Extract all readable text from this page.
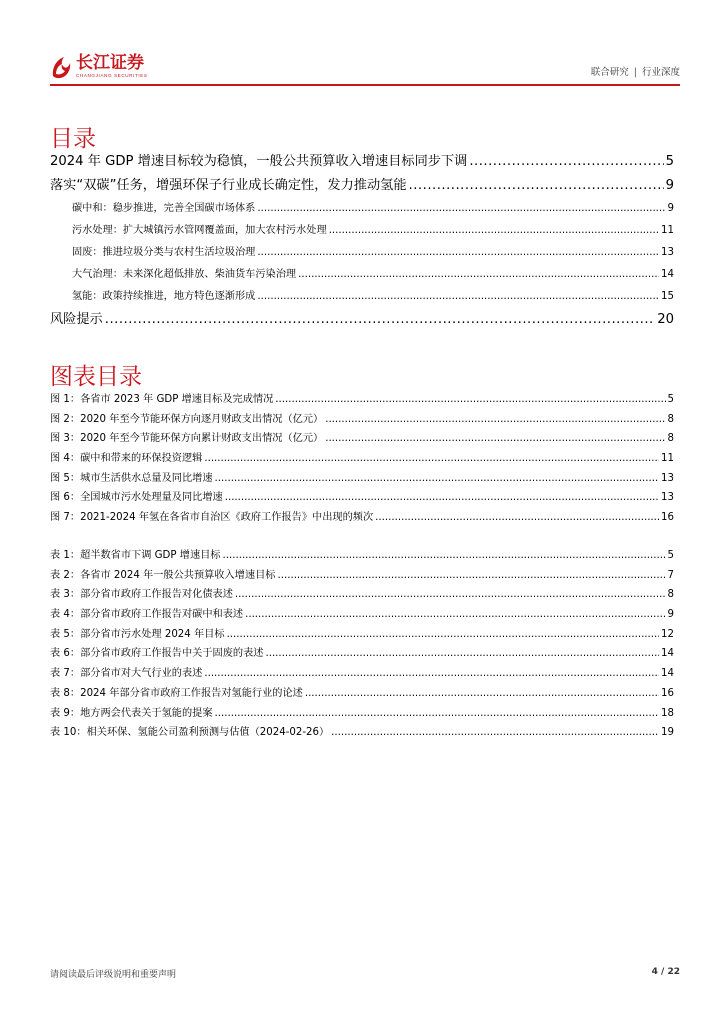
长江证券
CHANGJIANG SECURITIES	联合研究 | 行业深度
目录
2024 年 GDP 增速目标较为稳慎，一般公共预算收入增速目标同步下调 .....	5
落实“双碳”任务，增强环保子行业成长确定性，发力推动氢能 .....	9
碳中和：稳步推进，完善全国碳市场体系 .....	9
污水处理：扩大城镇污水管网覆盖面，加大农村污水处理 .....	11
固废：推进垃圾分类与农村生活垃圾治理 .....	13
大气治理：未来深化超低排放、柴油货车污染治理 .....	14
氢能：政策持续推进，地方特色逐渐形成 .....	15
风险提示 .....	20
图表目录
图 1：各省市 2023 年 GDP 增速目标及完成情况 .....	5
图 2：2020 年至今节能环保方向逐月财政支出情况（亿元） .....	8
图 3：2020 年至今节能环保方向累计财政支出情况（亿元） .....	8
图 4：碳中和带来的环保投资逻辑 .....	11
图 5：城市生活供水总量及同比增速 .....	13
图 6：全国城市污水处理量及同比增速 .....	13
图 7：2021-2024 年氢在各省市自治区《政府工作报告》中出现的频次 .....	16
表 1：超半数省市下调 GDP 增速目标 .....	5
表 2：各省市 2024 年一般公共预算收入增速目标 .....	7
表 3：部分省市政府工作报告对化债表述 .....	8
表 4：部分省市政府工作报告对碳中和表述 .....	9
表 5：部分省市污水处理 2024 年目标 .....	12
表 6：部分省市政府工作报告中关于固废的表述 .....	14
表 7：部分省市对大气行业的表述 .....	14
表 8：2024 年部分省市政府工作报告对氢能行业的论述 .....	16
表 9：地方两会代表关于氢能的提案 .....	18
表 10：相关环保、氢能公司盈利预测与估值（2024-02-26） .....	19
请阅读最后评级说明和重要声明	4 / 22
